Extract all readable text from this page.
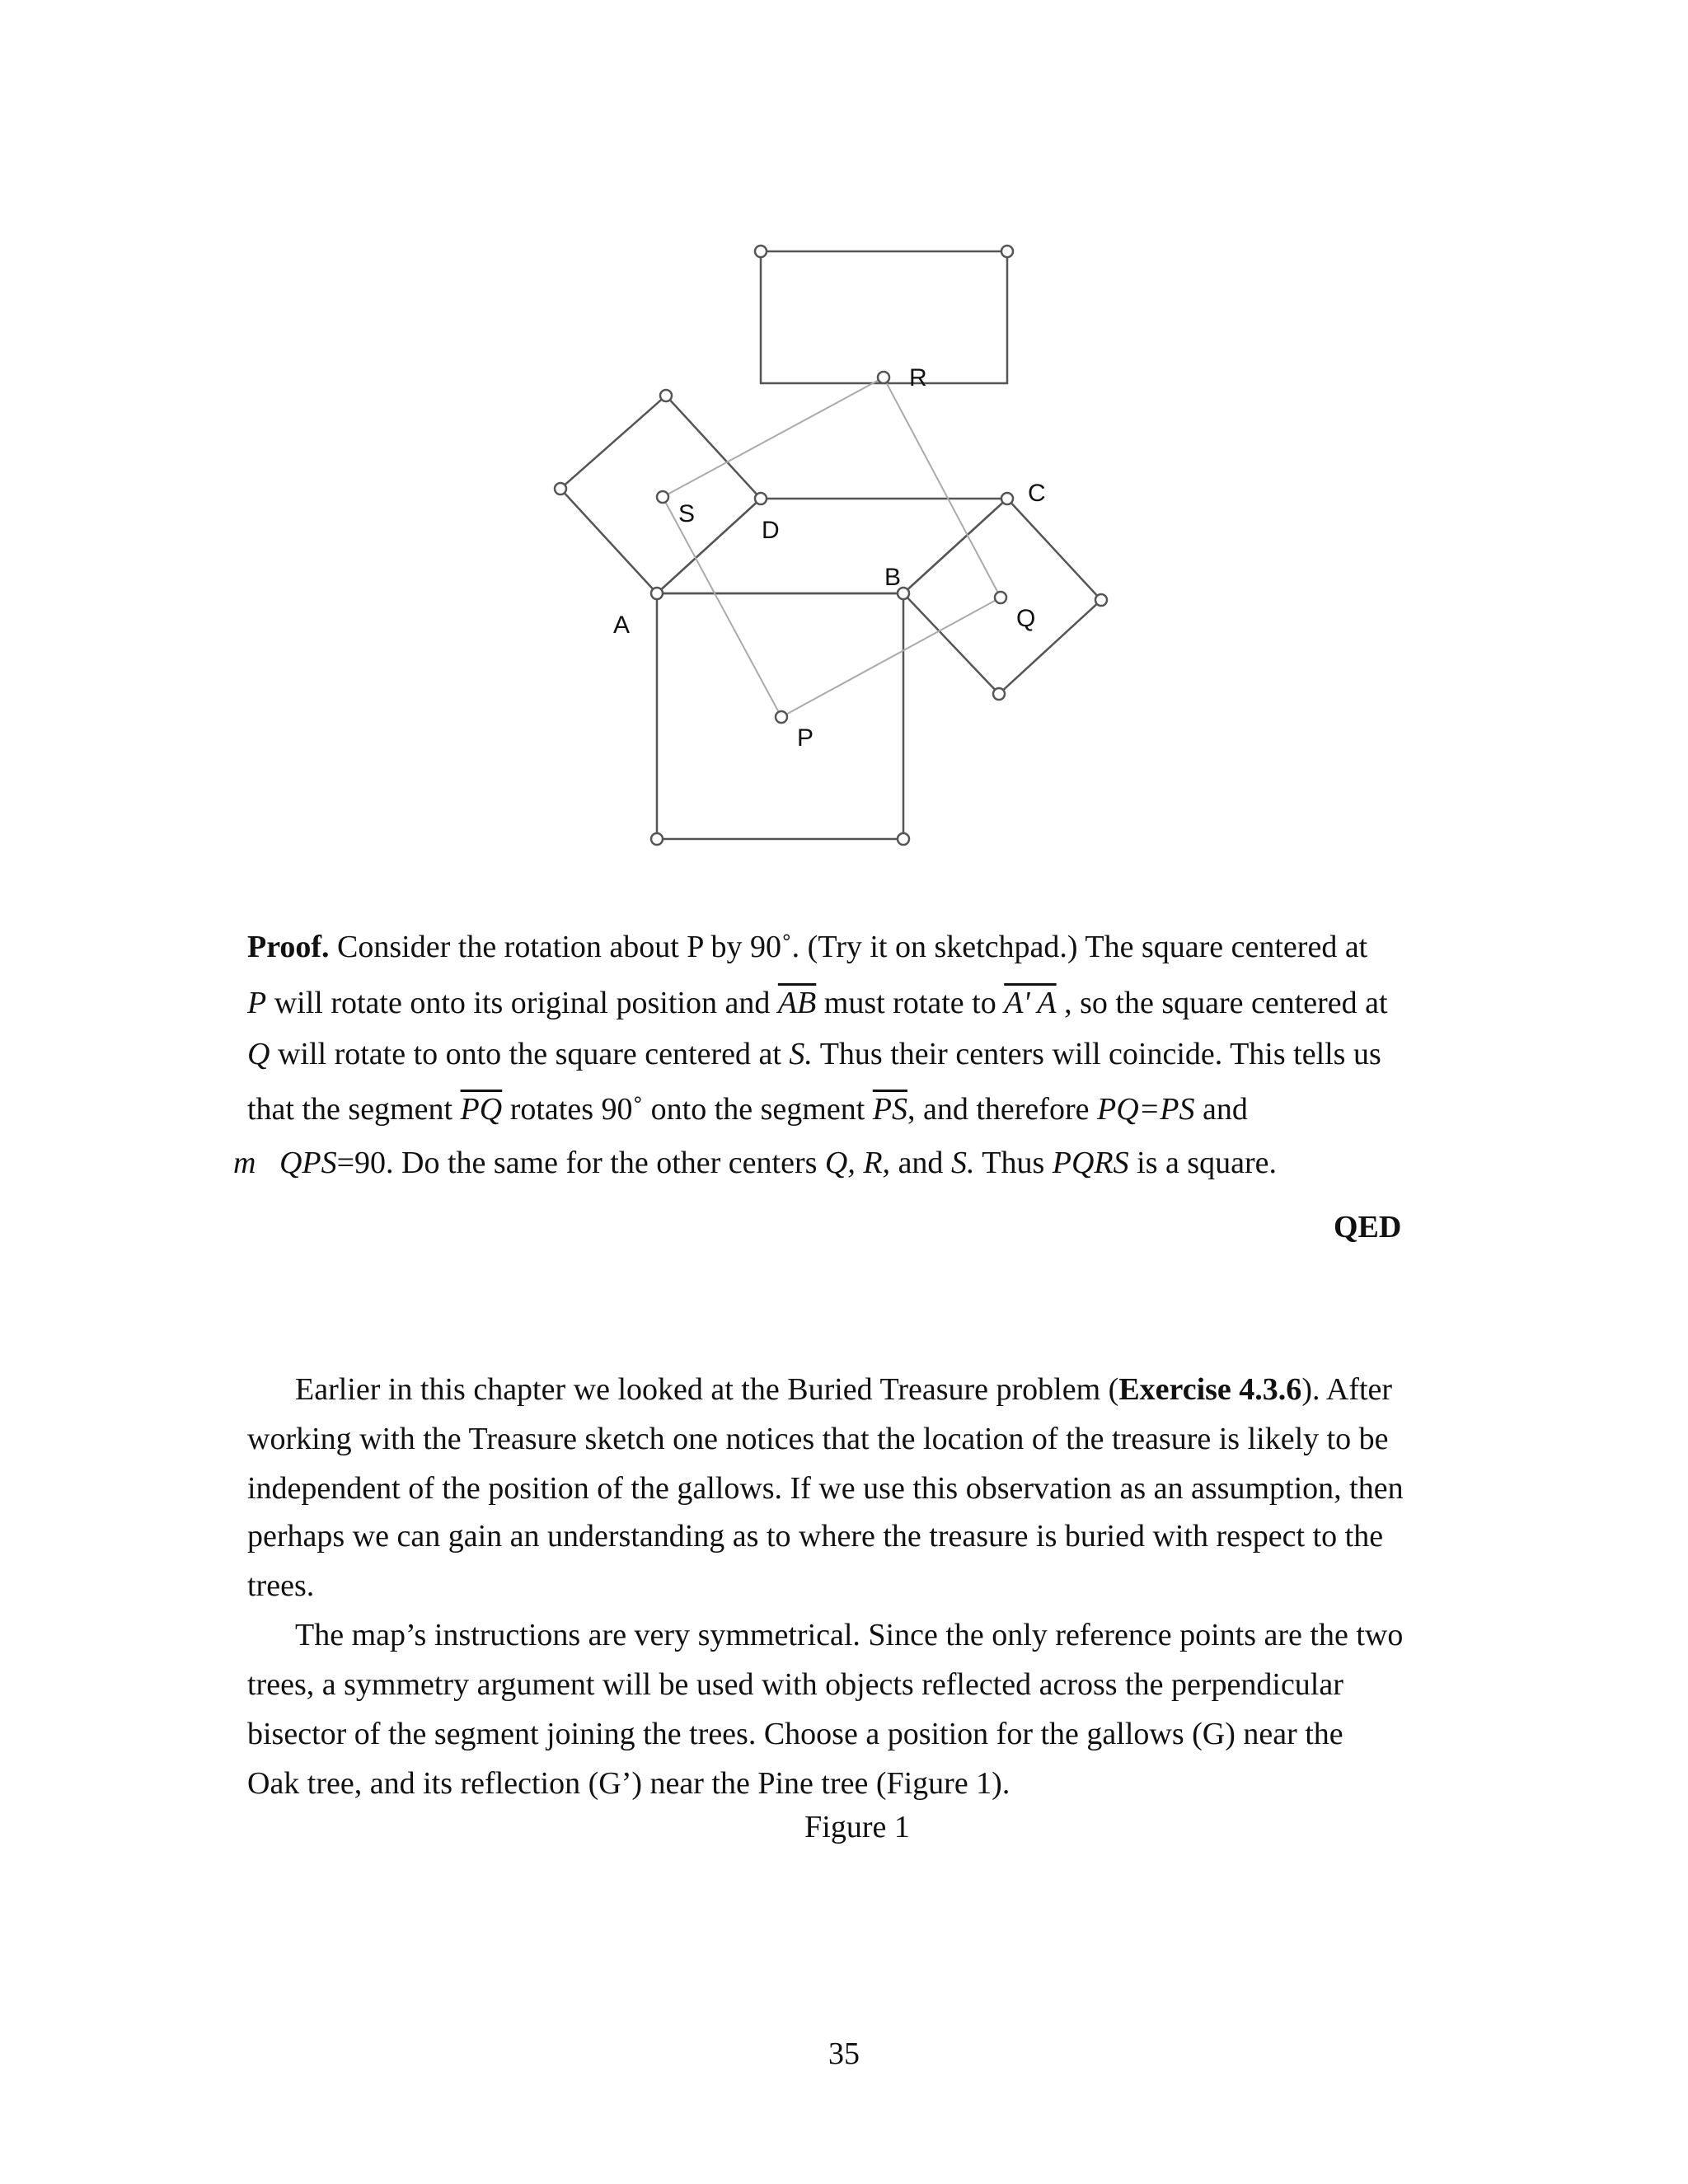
R
C
S
D
B
Q
A
P
Proof. Consider the rotation about P by 90˚. (Try it on sketchpad.) The square centered at
P will rotate onto its original position and $\overline{AB}$ must rotate to A' A , so the square centered at
Q will rotate to onto the square centered at S. Thus their centers will coincide. This tells us
that the segment $\overline{PQ}$ rotates 90˚ onto the segment $\overline{PS}$, and therefore PQ=PS and
m QPS=90. Do the same for the other centers Q, R, and S. Thus PQRS is a square.
QED
Earlier in this chapter we looked at the Buried Treasure problem (Exercise 4.3.6). After
working with the Treasure sketch one notices that the location of the treasure is likely to be
independent of the position of the gallows. If we use this observation as an assumption, then
perhaps we can gain an understanding as to where the treasure is buried with respect to the
trees.
The map’s instructions are very symmetrical. Since the only reference points are the two
trees, a symmetry argument will be used with objects reflected across the perpendicular
bisector of the segment joining the trees. Choose a position for the gallows (G) near the
Oak tree, and its reflection (G’) near the Pine tree (Figure 1).
Figure 1
35
